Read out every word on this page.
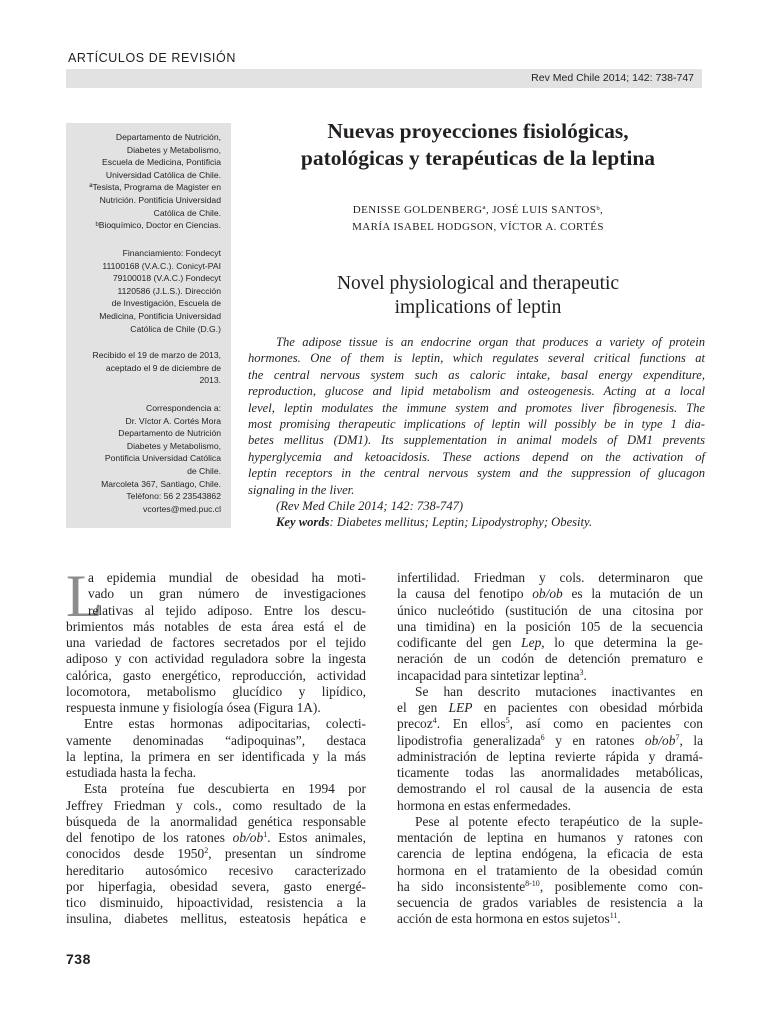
ARTÍCULOS DE REVISIÓN
Rev Med Chile 2014; 142: 738-747
Departamento de Nutrición,
Diabetes y Metabolismo,
Escuela de Medicina, Pontificia
Universidad Católica de Chile.
ªTesista, Programa de Magister en
Nutrición. Pontificia Universidad
Católica de Chile.
ᵇBioquímico, Doctor en Ciencias.
Financiamiento: Fondecyt
11100168 (V.A.C.). Conicyt-PAI
79100018 (V.A.C.) Fondecyt
1120586 (J.L.S.). Dirección
de Investigación, Escuela de
Medicina, Pontificia Universidad
Católica de Chile (D.G.)
Recibido el 19 de marzo de 2013,
aceptado el 9 de diciembre de
2013.
Correspondencia a:
Dr. Víctor A. Cortés Mora
Departamento de Nutrición
Diabetes y Metabolismo,
Pontificia Universidad Católica
de Chile.
Marcoleta 367, Santiago, Chile.
Teléfono: 56 2 23543862
vcortes@med.puc.cl
Nuevas proyecciones fisiológicas,
patológicas y terapéuticas de la leptina
DENISSE GOLDENBERGª, JOSÉ LUIS SANTOSᵇ,
MARÍA ISABEL HODGSON, VÍCTOR A. CORTÉS
Novel physiological and therapeutic
implications of leptin
The adipose tissue is an endocrine organ that produces a variety of protein
hormones. One of them is leptin, which regulates several critical functions at
the central nervous system such as caloric intake, basal energy expenditure,
reproduction, glucose and lipid metabolism and osteogenesis. Acting at a local
level, leptin modulates the immune system and promotes liver fibrogenesis. The
most promising therapeutic implications of leptin will possibly be in type 1 dia-
betes mellitus (DM1). Its supplementation in animal models of DM1 prevents
hyperglycemia and ketoacidosis. These actions depend on the activation of
leptin receptors in the central nervous system and the suppression of glucagon
signaling in the liver.
(Rev Med Chile 2014; 142: 738-747)
Key words: Diabetes mellitus; Leptin; Lipodystrophy; Obesity.
L
a epidemia mundial de obesidad ha moti-
vado un gran número de investigaciones
relativas al tejido adiposo. Entre los descu-
brimientos más notables de esta área está el de
una variedad de factores secretados por el tejido
adiposo y con actividad reguladora sobre la ingesta
calórica, gasto energético, reproducción, actividad
locomotora, metabolismo glucídico y lipídico,
respuesta inmune y fisiología ósea (Figura 1A).
Entre estas hormonas adipocitarias, colecti-
vamente denominadas “adipoquinas”, destaca
la leptina, la primera en ser identificada y la más
estudiada hasta la fecha.
Esta proteína fue descubierta en 1994 por
Jeffrey Friedman y cols., como resultado de la
búsqueda de la anormalidad genética responsable
del fenotipo de los ratones $ob/ob^1$. Estos animales,
conocidos desde 1950$^2$, presentan un síndrome
hereditario autosómico recesivo caracterizado
por hiperfagia, obesidad severa, gasto energé-
tico disminuido, hipoactividad, resistencia a la
insulina, diabetes mellitus, esteatosis hepática e
infertilidad. Friedman y cols. determinaron que
la causa del fenotipo ob/ob es la mutación de un
único nucleótido (sustitución de una citosina por
una timidina) en la posición 105 de la secuencia
codificante del gen Lep, lo que determina la ge-
neración de un codón de detención prematuro e
incapacidad para sintetizar leptina$^3$.
Se han descrito mutaciones inactivantes en
el gen LEP en pacientes con obesidad mórbida
precoz$^4$. En ellos$^5$, así como en pacientes con
lipodistrofia generalizada$^6$ y en ratones $ob/ob^7$, la
administración de leptina revierte rápida y dramá-
ticamente todas las anormalidades metabólicas,
demostrando el rol causal de la ausencia de esta
hormona en estas enfermedades.
Pese al potente efecto terapéutico de la suple-
mentación de leptina en humanos y ratones con
carencia de leptina endógena, la eficacia de esta
hormona en el tratamiento de la obesidad común
ha sido inconsistente$^{8-10}$, posiblemente como con-
secuencia de grados variables de resistencia a la
acción de esta hormona en estos sujetos$^{11}$.
738
